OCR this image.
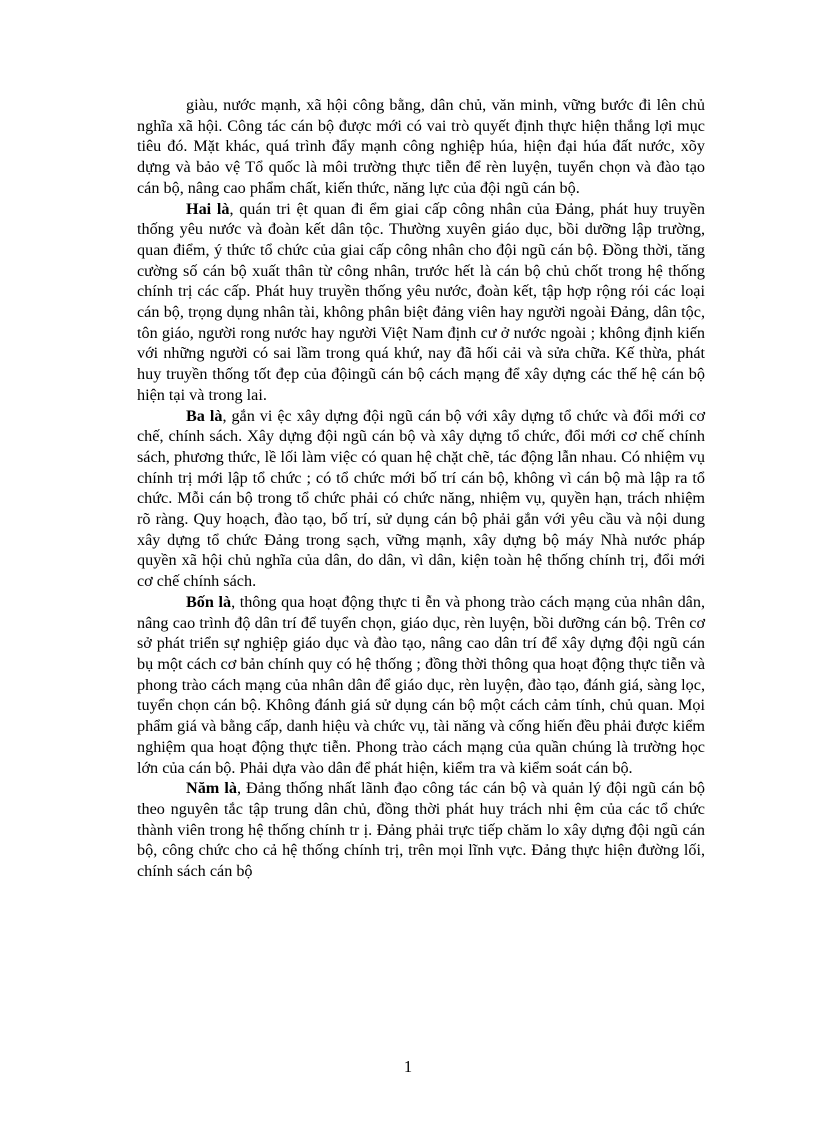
giàu, nước mạnh, xã hội công bằng, dân chủ, văn minh, vững bước đi lên chủ nghĩa xã hội. Công tác cán bộ được mới có vai trò quyết định thực hiện thắng lợi mục tiêu đó. Mặt khác, quá trình đẩy mạnh công nghiệp húa, hiện đại húa đất nước, xõy dựng và bảo vệ Tổ quốc là môi trường thực tiễn để rèn luyện, tuyển chọn và đào tạo cán bộ, nâng cao phẩm chất, kiến thức, năng lực của đội ngũ cán bộ.

Hai là, quán tri ệt quan đi ểm giai cấp công nhân của Đảng, phát huy truyền thống yêu nước và đoàn kết dân tộc. Thường xuyên giáo dục, bồi dưỡng lập trường, quan điểm, ý thức tổ chức của giai cấp công nhân cho đội ngũ cán bộ. Đồng thời, tăng cường số cán bộ xuất thân từ công nhân, trước hết là cán bộ chủ chốt trong hệ thống chính trị các cấp. Phát huy truyền thống yêu nước, đoàn kết, tập hợp rộng rói các loại cán bộ, trọng dụng nhân tài, không phân biệt đảng viên hay người ngoài Đảng, dân tộc, tôn giáo, người rong nước hay người Việt Nam định cư ở nước ngoài ; không định kiến với những người có sai lầm trong quá khứ, nay đã hối cải và sửa chữa. Kế thừa, phát huy truyền thống tốt đẹp của độingũ cán bộ cách mạng để xây dựng các thế hệ cán bộ hiện tại và trong lai.

Ba là, gắn vi ệc xây dựng đội ngũ cán bộ với xây dựng tổ chức và đổi mới cơ chế, chính sách. Xây dựng đội ngũ cán bộ và xây dựng tổ chức, đổi mới cơ chế chính sách, phương thức, lề lối làm việc có quan hệ chặt chẽ, tác động lẫn nhau. Có nhiệm vụ chính trị mới lập tổ chức ; có tổ chức mới bố trí cán bộ, không vì cán bộ mà lập ra tổ chức. Mỗi cán bộ trong tổ chức phải có chức năng, nhiệm vụ, quyền hạn, trách nhiệm rõ ràng. Quy hoạch, đào tạo, bố trí, sử dụng cán bộ phải gắn với yêu cầu và nội dung xây dựng tổ chức Đảng trong sạch, vững mạnh, xây dựng bộ máy Nhà nước pháp quyền xã hội chủ nghĩa của dân, do dân, vì dân, kiện toàn hệ thống chính trị, đổi mới cơ chế chính sách.

Bốn là, thông qua hoạt động thực ti ễn và phong trào cách mạng của nhân dân, nâng cao trình độ dân trí để tuyển chọn, giáo dục, rèn luyện, bồi dưỡng cán bộ. Trên cơ sở phát triển sự nghiệp giáo dục và đào tạo, nâng cao dân trí để xây dựng đội ngũ cán bụ một cách cơ bản chính quy có hệ thống ; đồng thời thông qua hoạt động thực tiễn và phong trào cách mạng của nhân dân để giáo dục, rèn luyện, đào tạo, đánh giá, sàng lọc, tuyển chọn cán bộ. Không đánh giá sử dụng cán bộ một cách cảm tính, chủ quan. Mọi phẩm giá và bằng cấp, danh hiệu và chức vụ, tài năng và cống hiến đều phải được kiểm nghiệm qua hoạt động thực tiễn. Phong trào cách mạng của quần chúng là trường học lớn của cán bộ. Phải dựa vào dân để phát hiện, kiểm tra và kiểm soát cán bộ.

Năm là, Đảng thống nhất lãnh đạo công tác cán bộ và quản lý đội ngũ cán bộ theo nguyên tắc tập trung dân chủ, đồng thời phát huy trách nhi ệm của các tổ chức thành viên trong hệ thống chính tr ị. Đảng phải trực tiếp chăm lo xây dựng đội ngũ cán bộ, công chức cho cả hệ thống chính trị, trên mọi lĩnh vực. Đảng thực hiện đường lối, chính sách cán bộ

1
